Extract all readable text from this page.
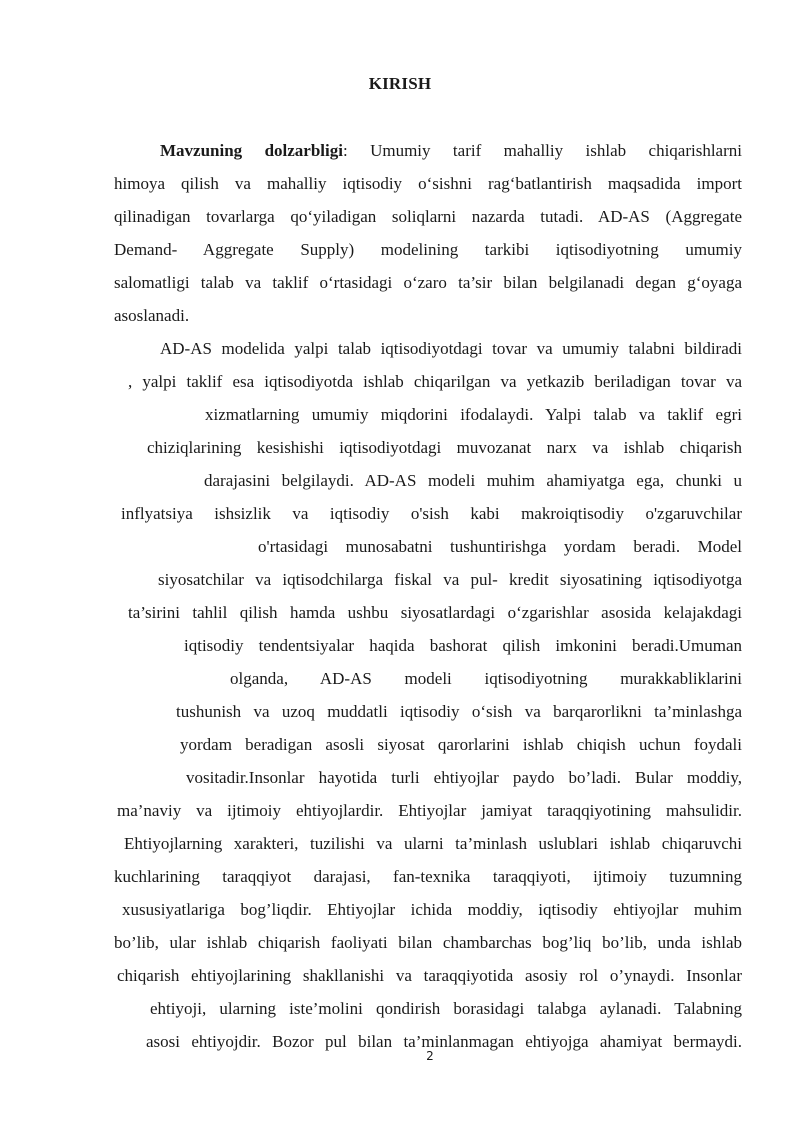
KIRISH
Mavzuning dolzarbligi: Umumiy tarif mahalliy ishlab chiqarishlarni
himoya qilish va mahalliy iqtisodiy o‘sishni rag‘batlantirish maqsadida import
qilinadigan tovarlarga qo‘yiladigan soliqlarni nazarda tutadi. AD-AS (Aggregate
Demand- Aggregate Supply) modelining tarkibi iqtisodiyotning umumiy
salomatligi talab va taklif o‘rtasidagi o‘zaro ta’sir bilan belgilanadi degan g‘oyaga
asoslanadi.
AD-AS modelida yalpi talab iqtisodiyotdagi tovar va umumiy talabni bildiradi
, yalpi taklif esa iqtisodiyotda ishlab chiqarilgan va yetkazib beriladigan tovar va
xizmatlarning umumiy miqdorini ifodalaydi. Yalpi talab va taklif egri
chiziqlarining kesishishi iqtisodiyotdagi muvozanat narx va ishlab chiqarish
darajasini belgilaydi. AD-AS modeli muhim ahamiyatga ega, chunki u
inflyatsiya ishsizlik va iqtisodiy o'sish kabi makroiqtisodiy o'zgaruvchilar
o'rtasidagi munosabatni tushuntirishga yordam beradi. Model
siyosatchilar va iqtisodchilarga fiskal va pul- kredit siyosatining iqtisodiyotga
ta’sirini tahlil qilish hamda ushbu siyosatlardagi o‘zgarishlar asosida kelajakdagi
iqtisodiy tendentsiyalar haqida bashorat qilish imkonini beradi.Umuman
olganda, AD-AS modeli iqtisodiyotning murakkabliklarini
tushunish va uzoq muddatli iqtisodiy o‘sish va barqarorlikni ta’minlashga
yordam beradigan asosli siyosat qarorlarini ishlab chiqish uchun foydali
vositadir.Insonlar hayotida turli ehtiyojlar paydo bo’ladi. Bular moddiy,
ma’naviy va ijtimoiy ehtiyojlardir. Ehtiyojlar jamiyat taraqqiyotining mahsulidir.
Ehtiyojlarning xarakteri, tuzilishi va ularni ta’minlash uslublari ishlab chiqaruvchi
kuchlarining taraqqiyot darajasi, fan-texnika taraqqiyoti, ijtimoiy tuzumning
xususiyatlariga bog’liqdir. Ehtiyojlar ichida moddiy, iqtisodiy ehtiyojlar muhim
bo’lib, ular ishlab chiqarish faoliyati bilan chambarchas bog’liq bo’lib, unda ishlab
chiqarish ehtiyojlarining shakllanishi va taraqqiyotida asosiy rol o’ynaydi. Insonlar
ehtiyoji, ularning iste’molini qondirish borasidagi talabga aylanadi. Talabning
asosi ehtiyojdir. Bozor pul bilan ta’minlanmagan ehtiyojga ahamiyat bermaydi.
2
